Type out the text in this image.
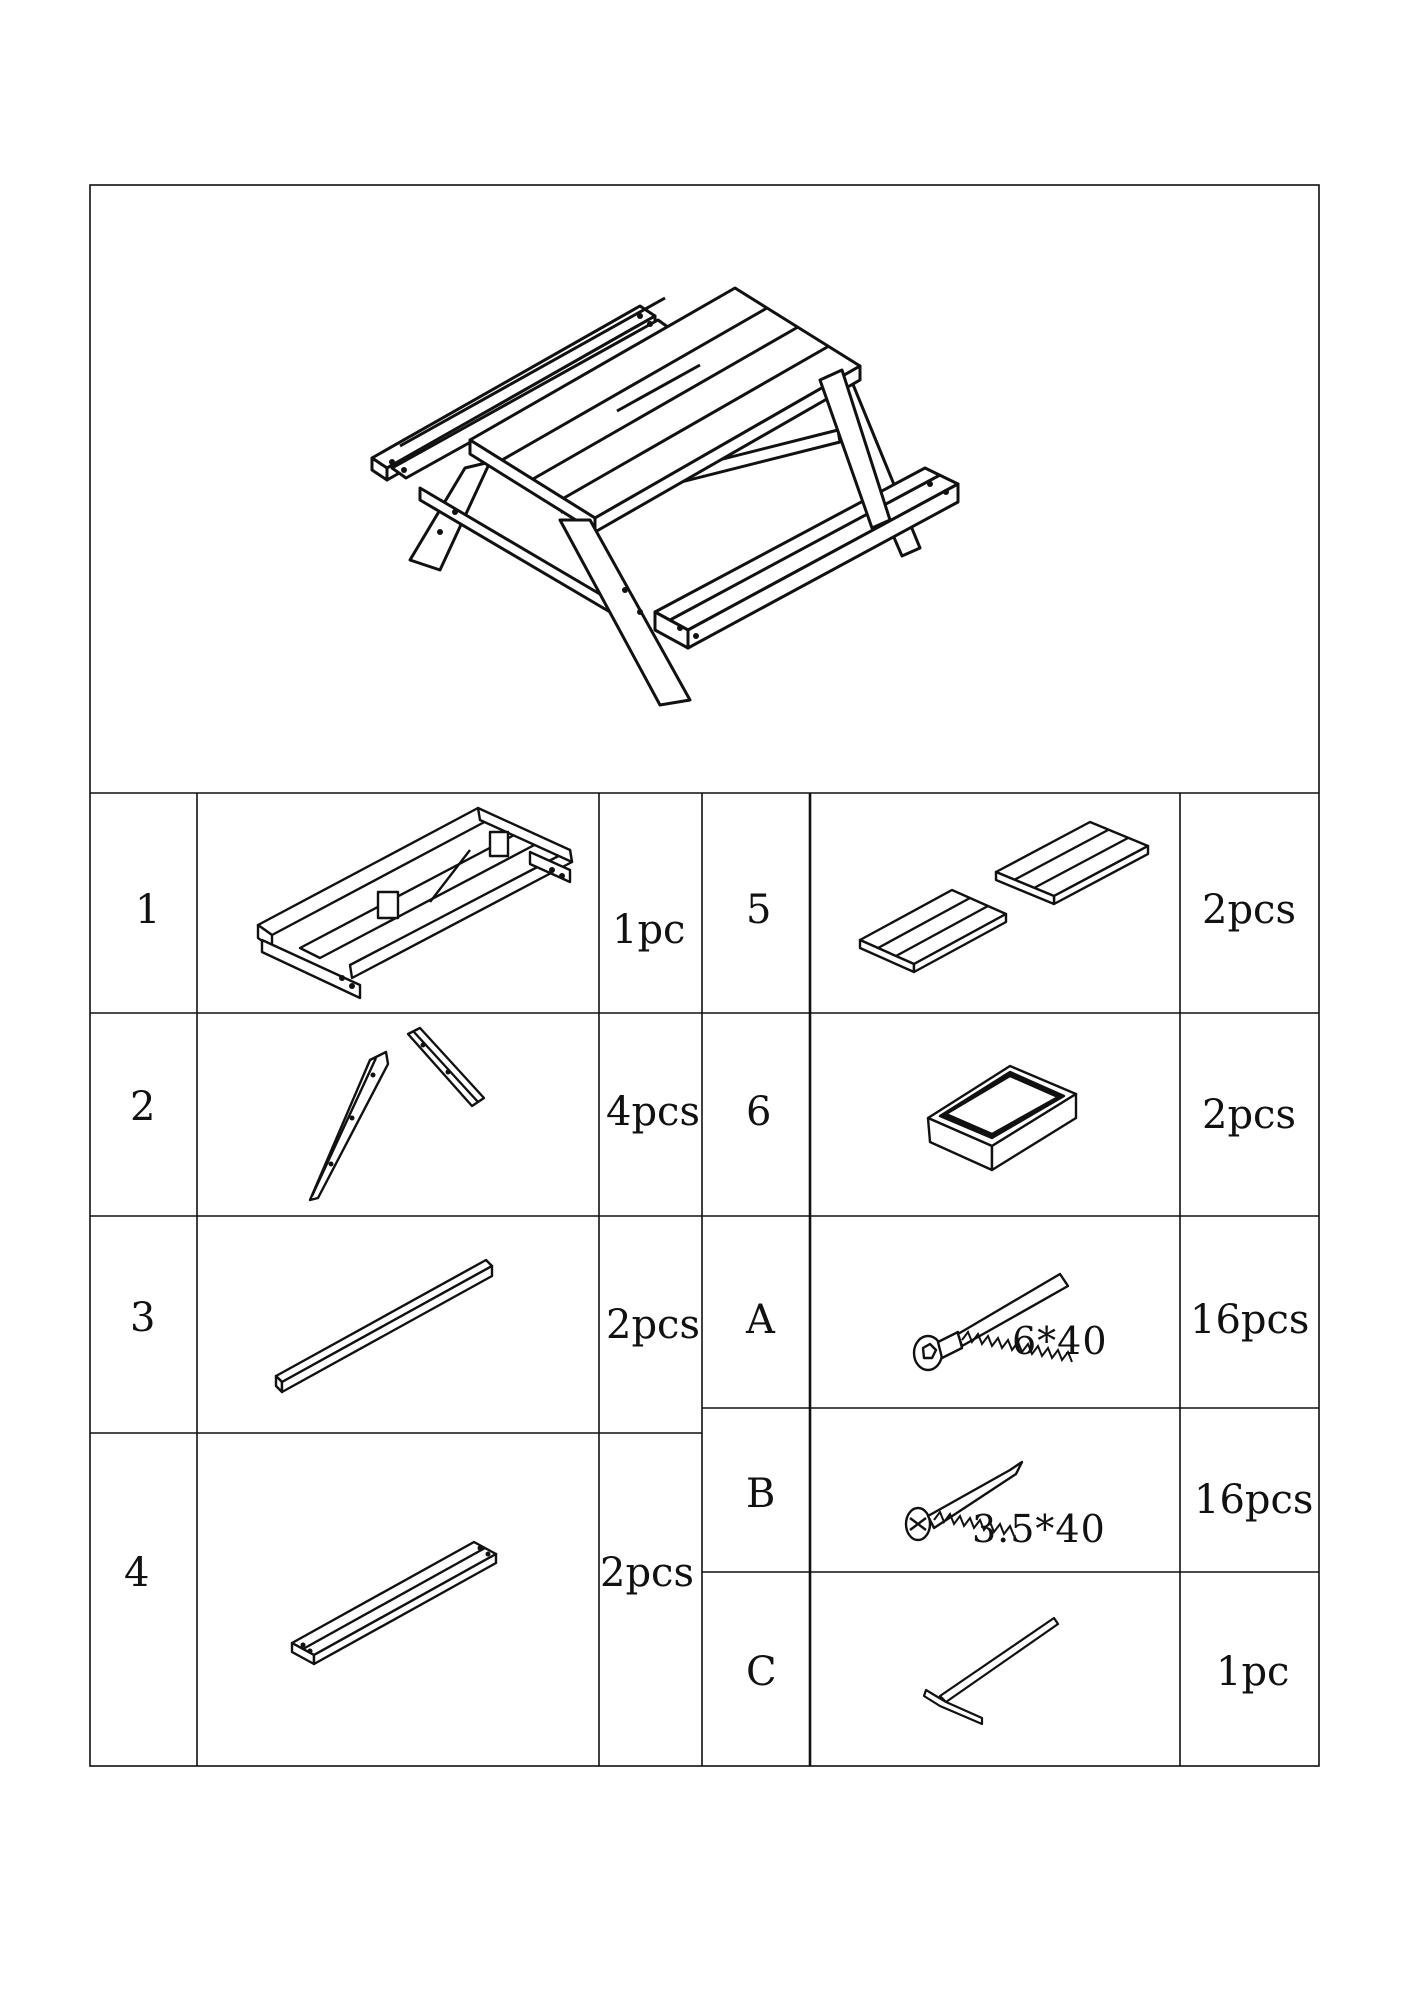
1	1pc
2	4pcs
3	2pcs
4	2pcs
5	2pcs
6	2pcs
A	16pcs
6*40
B	16pcs
3.5*40
C	1pc
